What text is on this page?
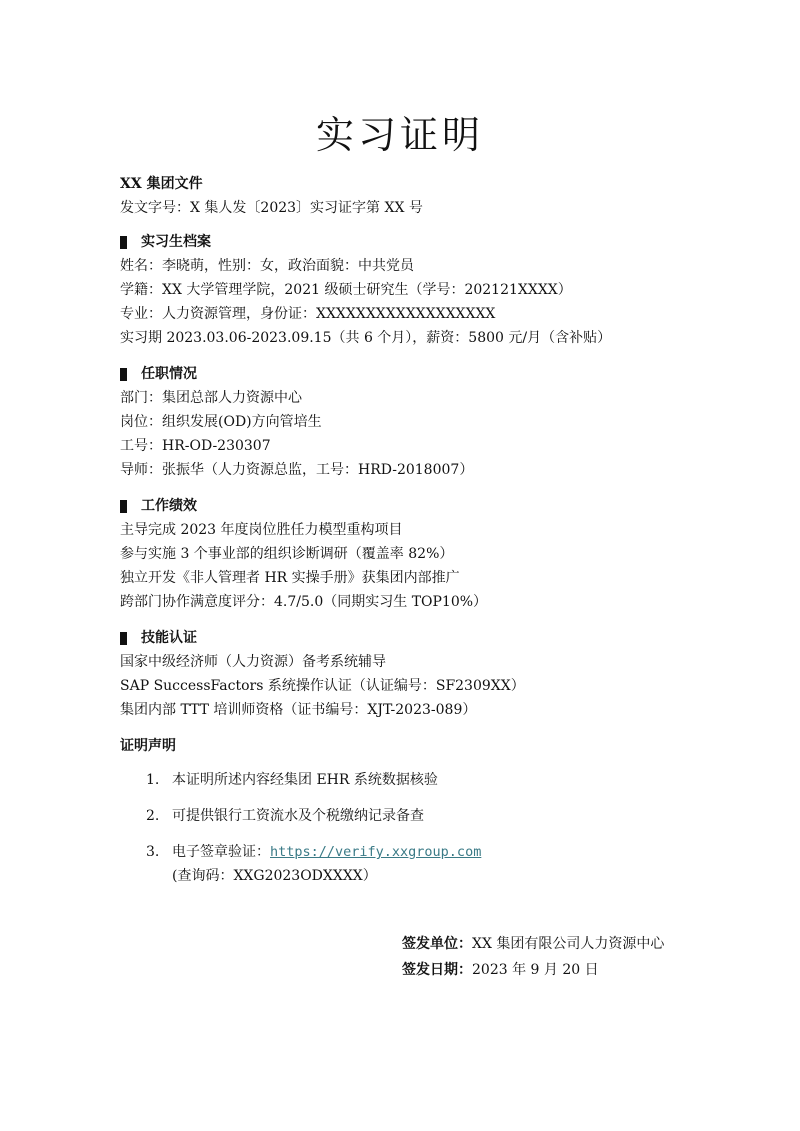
实习证明
XX 集团文件
发文字号：X 集人发〔2023〕实习证字第 XX 号
实习生档案
姓名：李晓萌，性别：女，政治面貌：中共党员
学籍：XX 大学管理学院，2021 级硕士研究生（学号：202121XXXX）
专业：人力资源管理，身份证：XXXXXXXXXXXXXXXXXX
实习期 2023.03.06-2023.09.15（共 6 个月），薪资：5800 元/月（含补贴）
任职情况
部门：集团总部人力资源中心
岗位：组织发展(OD)方向管培生
工号：HR-OD-230307
导师：张振华（人力资源总监，工号：HRD-2018007）
工作绩效
主导完成 2023 年度岗位胜任力模型重构项目
参与实施 3 个事业部的组织诊断调研（覆盖率 82%）
独立开发《非人管理者 HR 实操手册》获集团内部推广
跨部门协作满意度评分：4.7/5.0（同期实习生 TOP10%）
技能认证
国家中级经济师（人力资源）备考系统辅导
SAP SuccessFactors 系统操作认证（认证编号：SF2309XX）
集团内部 TTT 培训师资格（证书编号：XJT-2023-089）
证明声明
1. 本证明所述内容经集团 EHR 系统数据核验
2. 可提供银行工资流水及个税缴纳记录备查
3. 电子签章验证：https://verify.xxgroup.com
(查询码：XXG2023ODXXXX）
签发单位：XX 集团有限公司人力资源中心
签发日期：2023 年 9 月 20 日
